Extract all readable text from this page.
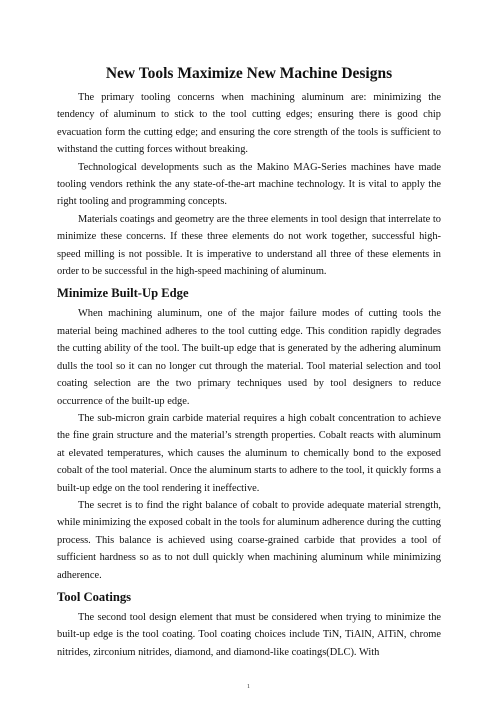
New Tools Maximize New Machine Designs

The primary tooling concerns when machining aluminum are: minimizing the tendency of aluminum to stick to the tool cutting edges; ensuring there is good chip evacuation form the cutting edge; and ensuring the core strength of the tools is sufficient to withstand the cutting forces without breaking.

Technological developments such as the Makino MAG-Series machines have made tooling vendors rethink the any state-of-the-art machine technology. It is vital to apply the right tooling and programming concepts.

Materials coatings and geometry are the three elements in tool design that interrelate to minimize these concerns. If these three elements do not work together, successful high-speed milling is not possible. It is imperative to understand all three of these elements in order to be successful in the high-speed machining of aluminum.

Minimize Built-Up Edge

When machining aluminum, one of the major failure modes of cutting tools the material being machined adheres to the tool cutting edge. This condition rapidly degrades the cutting ability of the tool. The built-up edge that is generated by the adhering aluminum dulls the tool so it can no longer cut through the material. Tool material selection and tool coating selection are the two primary techniques used by tool designers to reduce occurrence of the built-up edge.

The sub-micron grain carbide material requires a high cobalt concentration to achieve the fine grain structure and the material’s strength properties. Cobalt reacts with aluminum at elevated temperatures, which causes the aluminum to chemically bond to the exposed cobalt of the tool material. Once the aluminum starts to adhere to the tool, it quickly forms a built-up edge on the tool rendering it ineffective.

The secret is to find the right balance of cobalt to provide adequate material strength, while minimizing the exposed cobalt in the tools for aluminum adherence during the cutting process. This balance is achieved using coarse-grained carbide that provides a tool of sufficient hardness so as to not dull quickly when machining aluminum while minimizing adherence.

Tool Coatings

The second tool design element that must be considered when trying to minimize the built-up edge is the tool coating. Tool coating choices include TiN, TiAlN, AlTiN, chrome nitrides, zirconium nitrides, diamond, and diamond-like coatings(DLC). With

1
